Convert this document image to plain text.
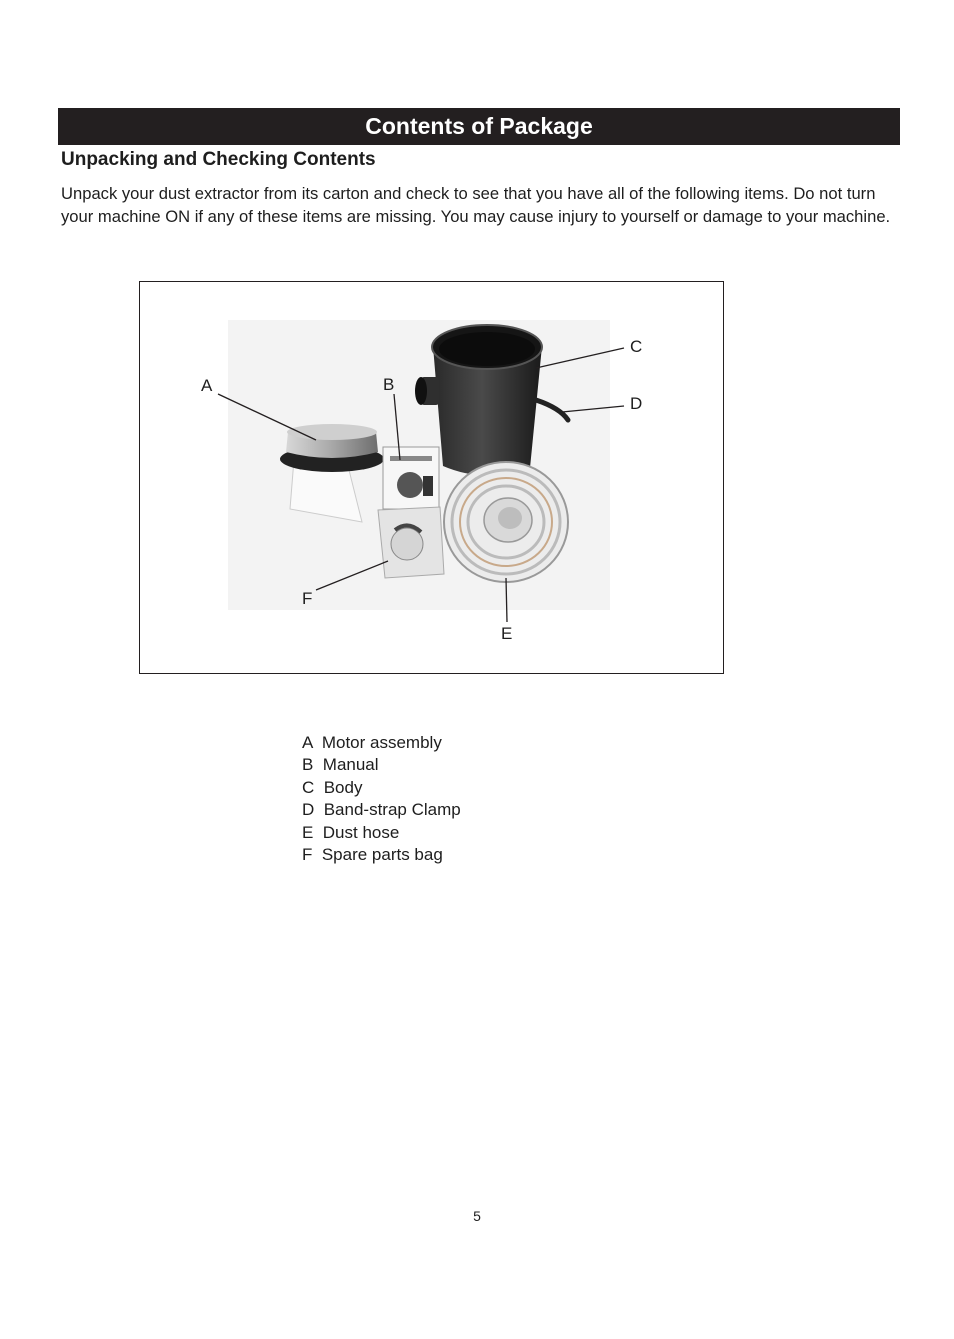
Contents of Package
Unpacking and Checking Contents

Unpack your dust extractor from its carton and check to see that you have all of the following items. Do not turn your machine ON if any of these items are missing. You may cause injury to yourself or damage to your machine.

A	B
C
D
E
F
A  Motor assembly
B  Manual
C  Body
D  Band-strap Clamp
E  Dust hose
F  Spare parts bag
5
